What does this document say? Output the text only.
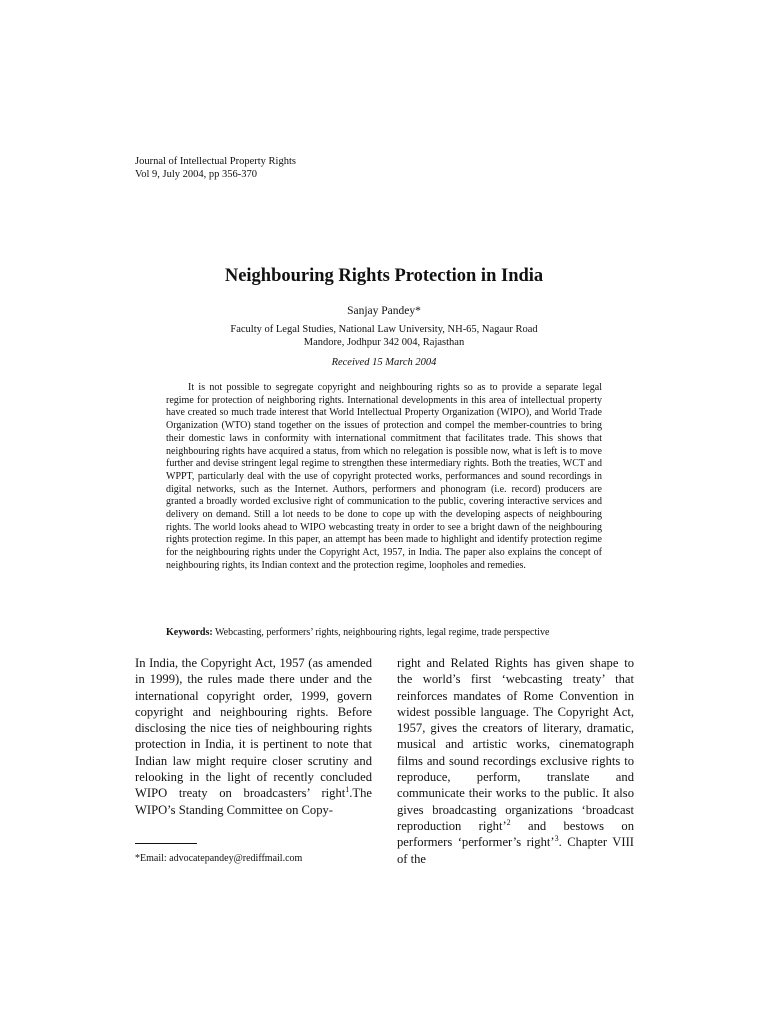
Journal of Intellectual Property Rights
Vol 9, July 2004, pp 356-370
Neighbouring Rights Protection in India

Sanjay Pandey*

Faculty of Legal Studies, National Law University, NH-65, Nagaur Road
Mandore, Jodhpur 342 004, Rajasthan

Received 15 March 2004

It is not possible to segregate copyright and neighbouring rights so as to provide a separate legal regime for protection of neighboring rights. International developments in this area of intellectual property have created so much trade interest that World Intellectual Property Organization (WIPO), and World Trade Organization (WTO) stand together on the issues of protection and compel the member-countries to bring their domestic laws in conformity with international commitment that facilitates trade. This shows that neighbouring rights have acquired a status, from which no relegation is possible now, what is left is to move further and devise stringent legal regime to strengthen these intermediary rights. Both the treaties, WCT and WPPT, particularly deal with the use of copyright protected works, performances and sound recordings in digital networks, such as the Internet. Authors, performers and phonogram (i.e. record) producers are granted a broadly worded exclusive right of communication to the public, covering interactive services and delivery on demand. Still a lot needs to be done to cope up with the developing aspects of neighbouring rights. The world looks ahead to WIPO webcasting treaty in order to see a bright dawn of the neighbouring rights protection regime. In this paper, an attempt has been made to highlight and identify protection regime for the neighbouring rights under the Copyright Act, 1957, in India. The paper also explains the concept of neighbouring rights, its Indian context and the protection regime, loopholes and remedies.

Keywords: Webcasting, performers’ rights, neighbouring rights, legal regime, trade perspective

In India, the Copyright Act, 1957 (as amended in 1999), the rules made there under and the international copyright order, 1999, govern copyright and neighbouring rights. Before disclosing the nice ties of neighbouring rights protection in India, it is pertinent to note that Indian law might require closer scrutiny and relooking in the light of recently concluded WIPO treaty on broadcasters’ right$^1$.The WIPO’s Standing Committee on Copy-

right and Related Rights has given shape to the world’s first ‘webcasting treaty’ that reinforces mandates of Rome Convention in widest possible language. The Copyright Act, 1957, gives the creators of literary, dramatic, musical and artistic works, cinematograph films and sound recordings exclusive rights to reproduce, perform, translate and communicate their works to the public. It also gives broadcasting organizations ‘broadcast reproduction right’$^2$ and bestows on performers ‘performer’s right’$^3$. Chapter VIII of the

*Email: advocatepandey@rediffmail.com
